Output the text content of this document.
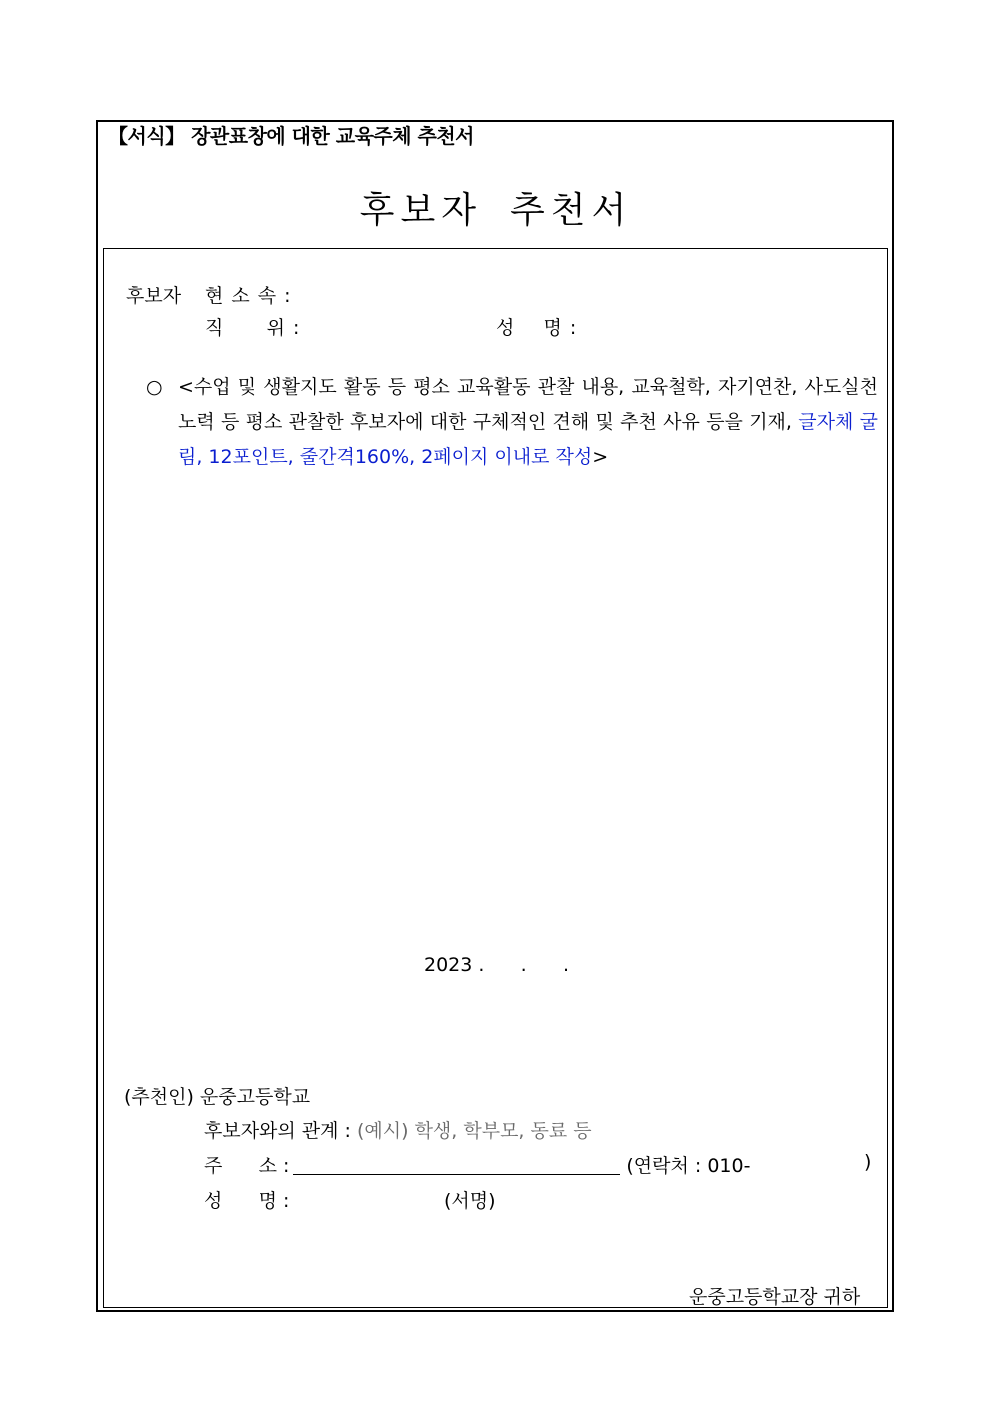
【서식】 장관표창에 대한 교육주체 추천서
후보자 추천서
후보자 현 소 속 :
직      위 :	성    명 :
○ <수업 및 생활지도 활동 등 평소 교육활동 관찰 내용, 교육철학, 자기연찬, 사도실천 노력 등 평소 관찰한 후보자에 대한 구체적인 견해 및 추천 사유 등을 기재, 글자체 굴림, 12포인트, 줄간격160%, 2페이지 이내로 작성>
2023 .      .      .
(추천인) 운중고등학교
후보자와의 관계 : (예시) 학생, 학부모, 동료 등
주      소 :	(연락처 : 010-	)
성      명 :	(서명)
운중고등학교장 귀하
